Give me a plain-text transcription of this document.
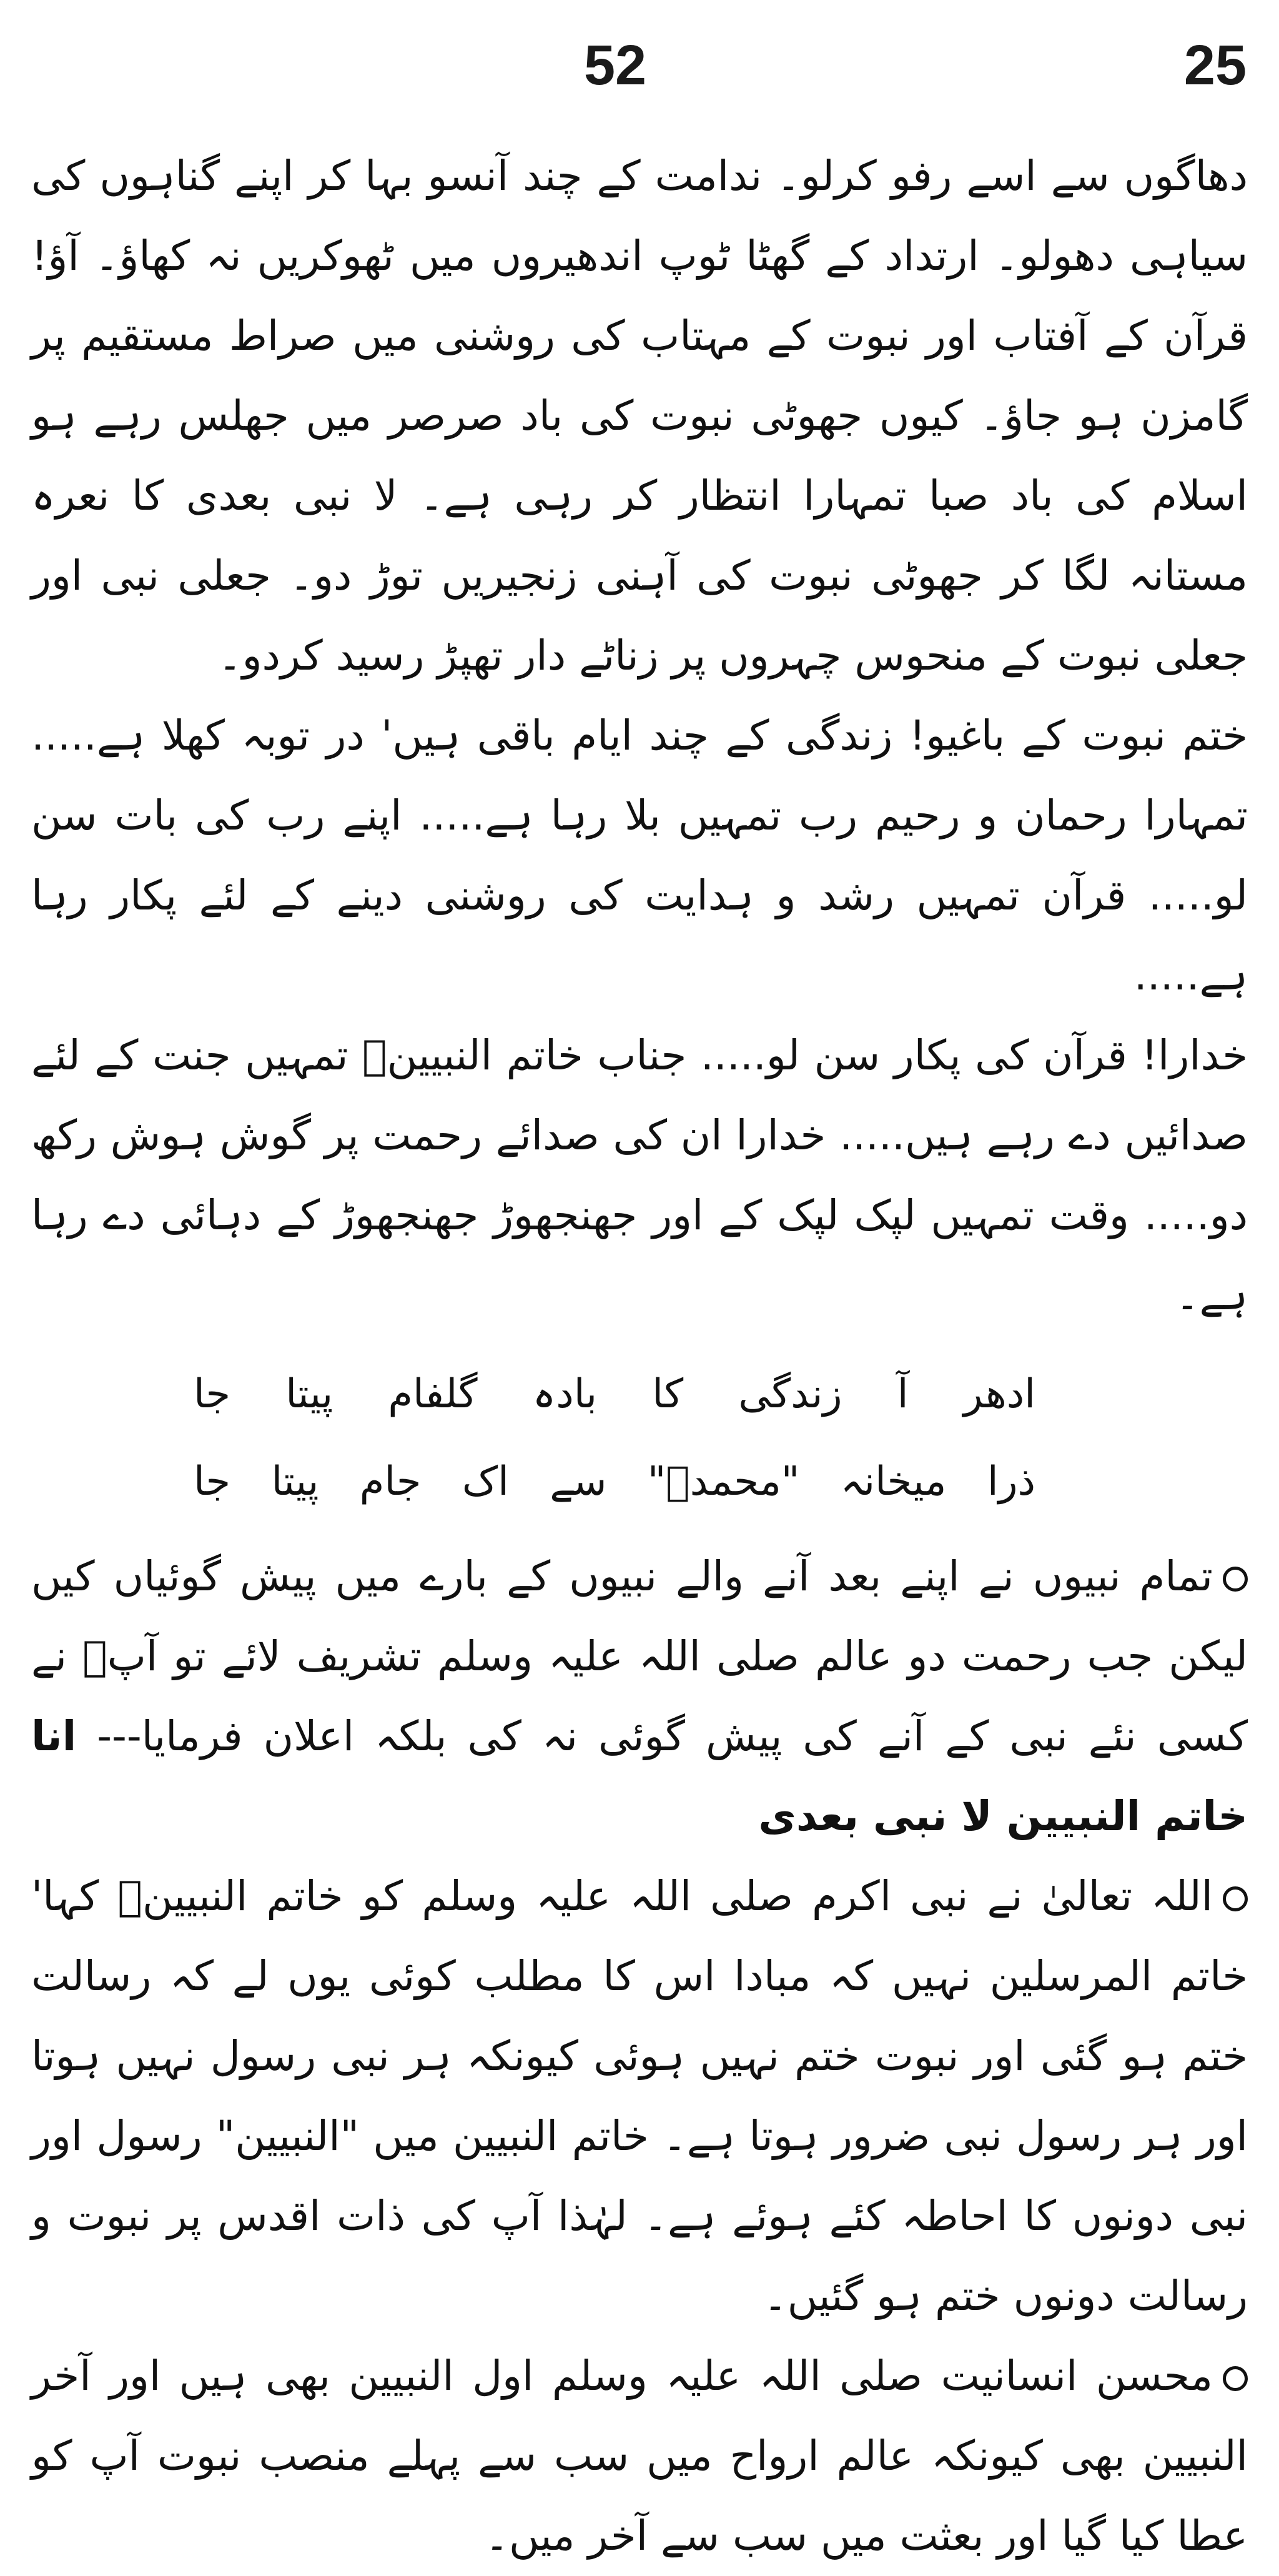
52	25

دھاگوں سے اسے رفو کرلو۔ ندامت کے چند آنسو بہا کر اپنے گناہوں کی سیاہی دھولو۔ ارتداد کے گھٹا ٹوپ اندھیروں میں ٹھوکریں نہ کھاؤ۔ آؤ! قرآن کے آفتاب اور نبوت کے مہتاب کی روشنی میں صراط مستقیم پر گامزن ہو جاؤ۔ کیوں جھوٹی نبوت کی باد صرصر میں جھلس رہے ہو اسلام کی باد صبا تمہارا انتظار کر رہی ہے۔ لا نبی بعدی کا نعرہ مستانہ لگا کر جھوٹی نبوت کی آہنی زنجیریں توڑ دو۔ جعلی نبی اور جعلی نبوت کے منحوس چہروں پر زناٹے دار تھپڑ رسید کردو۔

ختم نبوت کے باغیو! زندگی کے چند ایام باقی ہیں' در توبہ کھلا ہے..... تمہارا رحمان و رحیم رب تمہیں بلا رہا ہے..... اپنے رب کی بات سن لو..... قرآن تمہیں رشد و ہدایت کی روشنی دینے کے لئے پکار رہا ہے.....

خدارا! قرآن کی پکار سن لو..... جناب خاتم النبیینؐ تمہیں جنت کے لئے صدائیں دے رہے ہیں..... خدارا ان کی صدائے رحمت پر گوش ہوش رکھ دو..... وقت تمہیں لپک لپک کے اور جھنجھوڑ جھنجھوڑ کے دہائی دے رہا ہے۔

ادھر
آ
زندگی
کا
بادہ
گلفام
پیتا
جا
ذرا
میخانہ
"محمدؐ"
سے
اک
جام
پیتا
جا

تمام نبیوں نے اپنے بعد آنے والے نبیوں کے بارے میں پیش گوئیاں کیں لیکن جب رحمت دو عالم صلی اللہ علیہ وسلم تشریف لائے تو آپؐ نے کسی نئے نبی کے آنے کی پیش گوئی نہ کی بلکہ اعلان فرمایا--- انا خاتم النبیین لا نبی بعدی

اللہ تعالیٰ نے نبی اکرم صلی اللہ علیہ وسلم کو خاتم النبیینؐ کہا' خاتم المرسلین نہیں کہ مبادا اس کا مطلب کوئی یوں لے کہ رسالت ختم ہو گئی اور نبوت ختم نہیں ہوئی کیونکہ ہر نبی رسول نہیں ہوتا اور ہر رسول نبی ضرور ہوتا ہے۔ خاتم النبیین میں "النبیین" رسول اور نبی دونوں کا احاطہ کئے ہوئے ہے۔ لہٰذا آپ کی ذات اقدس پر نبوت و رسالت دونوں ختم ہو گئیں۔

محسن انسانیت صلی اللہ علیہ وسلم اول النبیین بھی ہیں اور آخر النبیین بھی کیونکہ عالم ارواح میں سب سے پہلے منصب نبوت آپ کو عطا کیا گیا اور بعثت میں سب سے آخر میں۔
